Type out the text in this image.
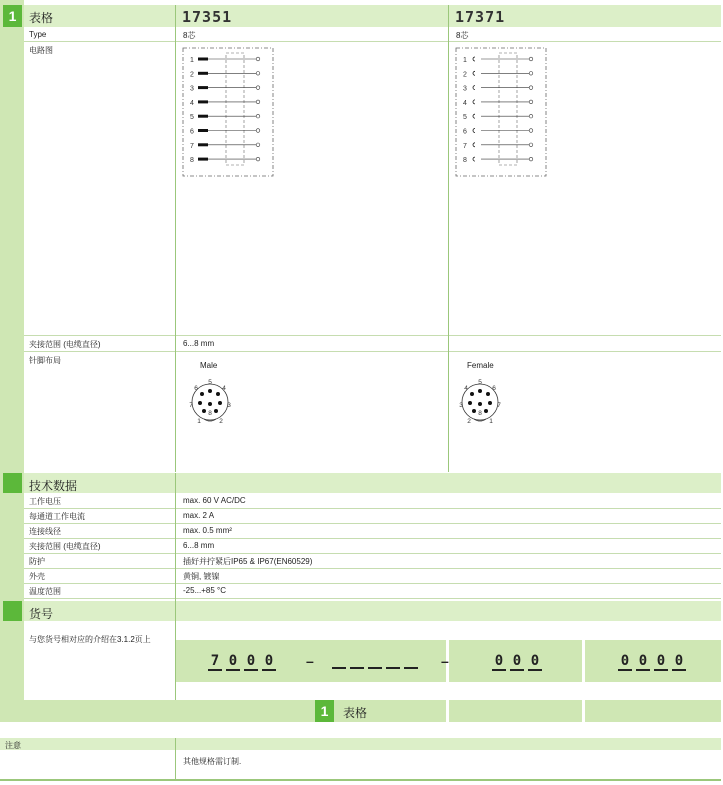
1	表格	17351	17371
Type	8芯	8芯
电路图
1
2
3
4
5
6
7
8
1
2
3
4
5
6
7
8
夹接范围 (电缆直径)	6...8 mm
针脚布局
Male	Female
1	2
3
4
5
6
7
8
1
2
3
4
5
6
7
8
技术数据
工作电压	max. 60 V AC/DC
每通道工作电流	max. 2 A
连接线径	max. 0.5 mm²
夹接范围 (电缆直径)	6...8 mm
防护	插好并拧紧后IP65 & IP67(EN60529)
外壳	黄铜, 镀镍
温度范围	-25...+85 °C
货号
与您货号相对应的介绍在3.1.2页上
7 0 0 0	–	–	0 0 0	0 0 0 0
1	表格
注意
其他规格需订制.
